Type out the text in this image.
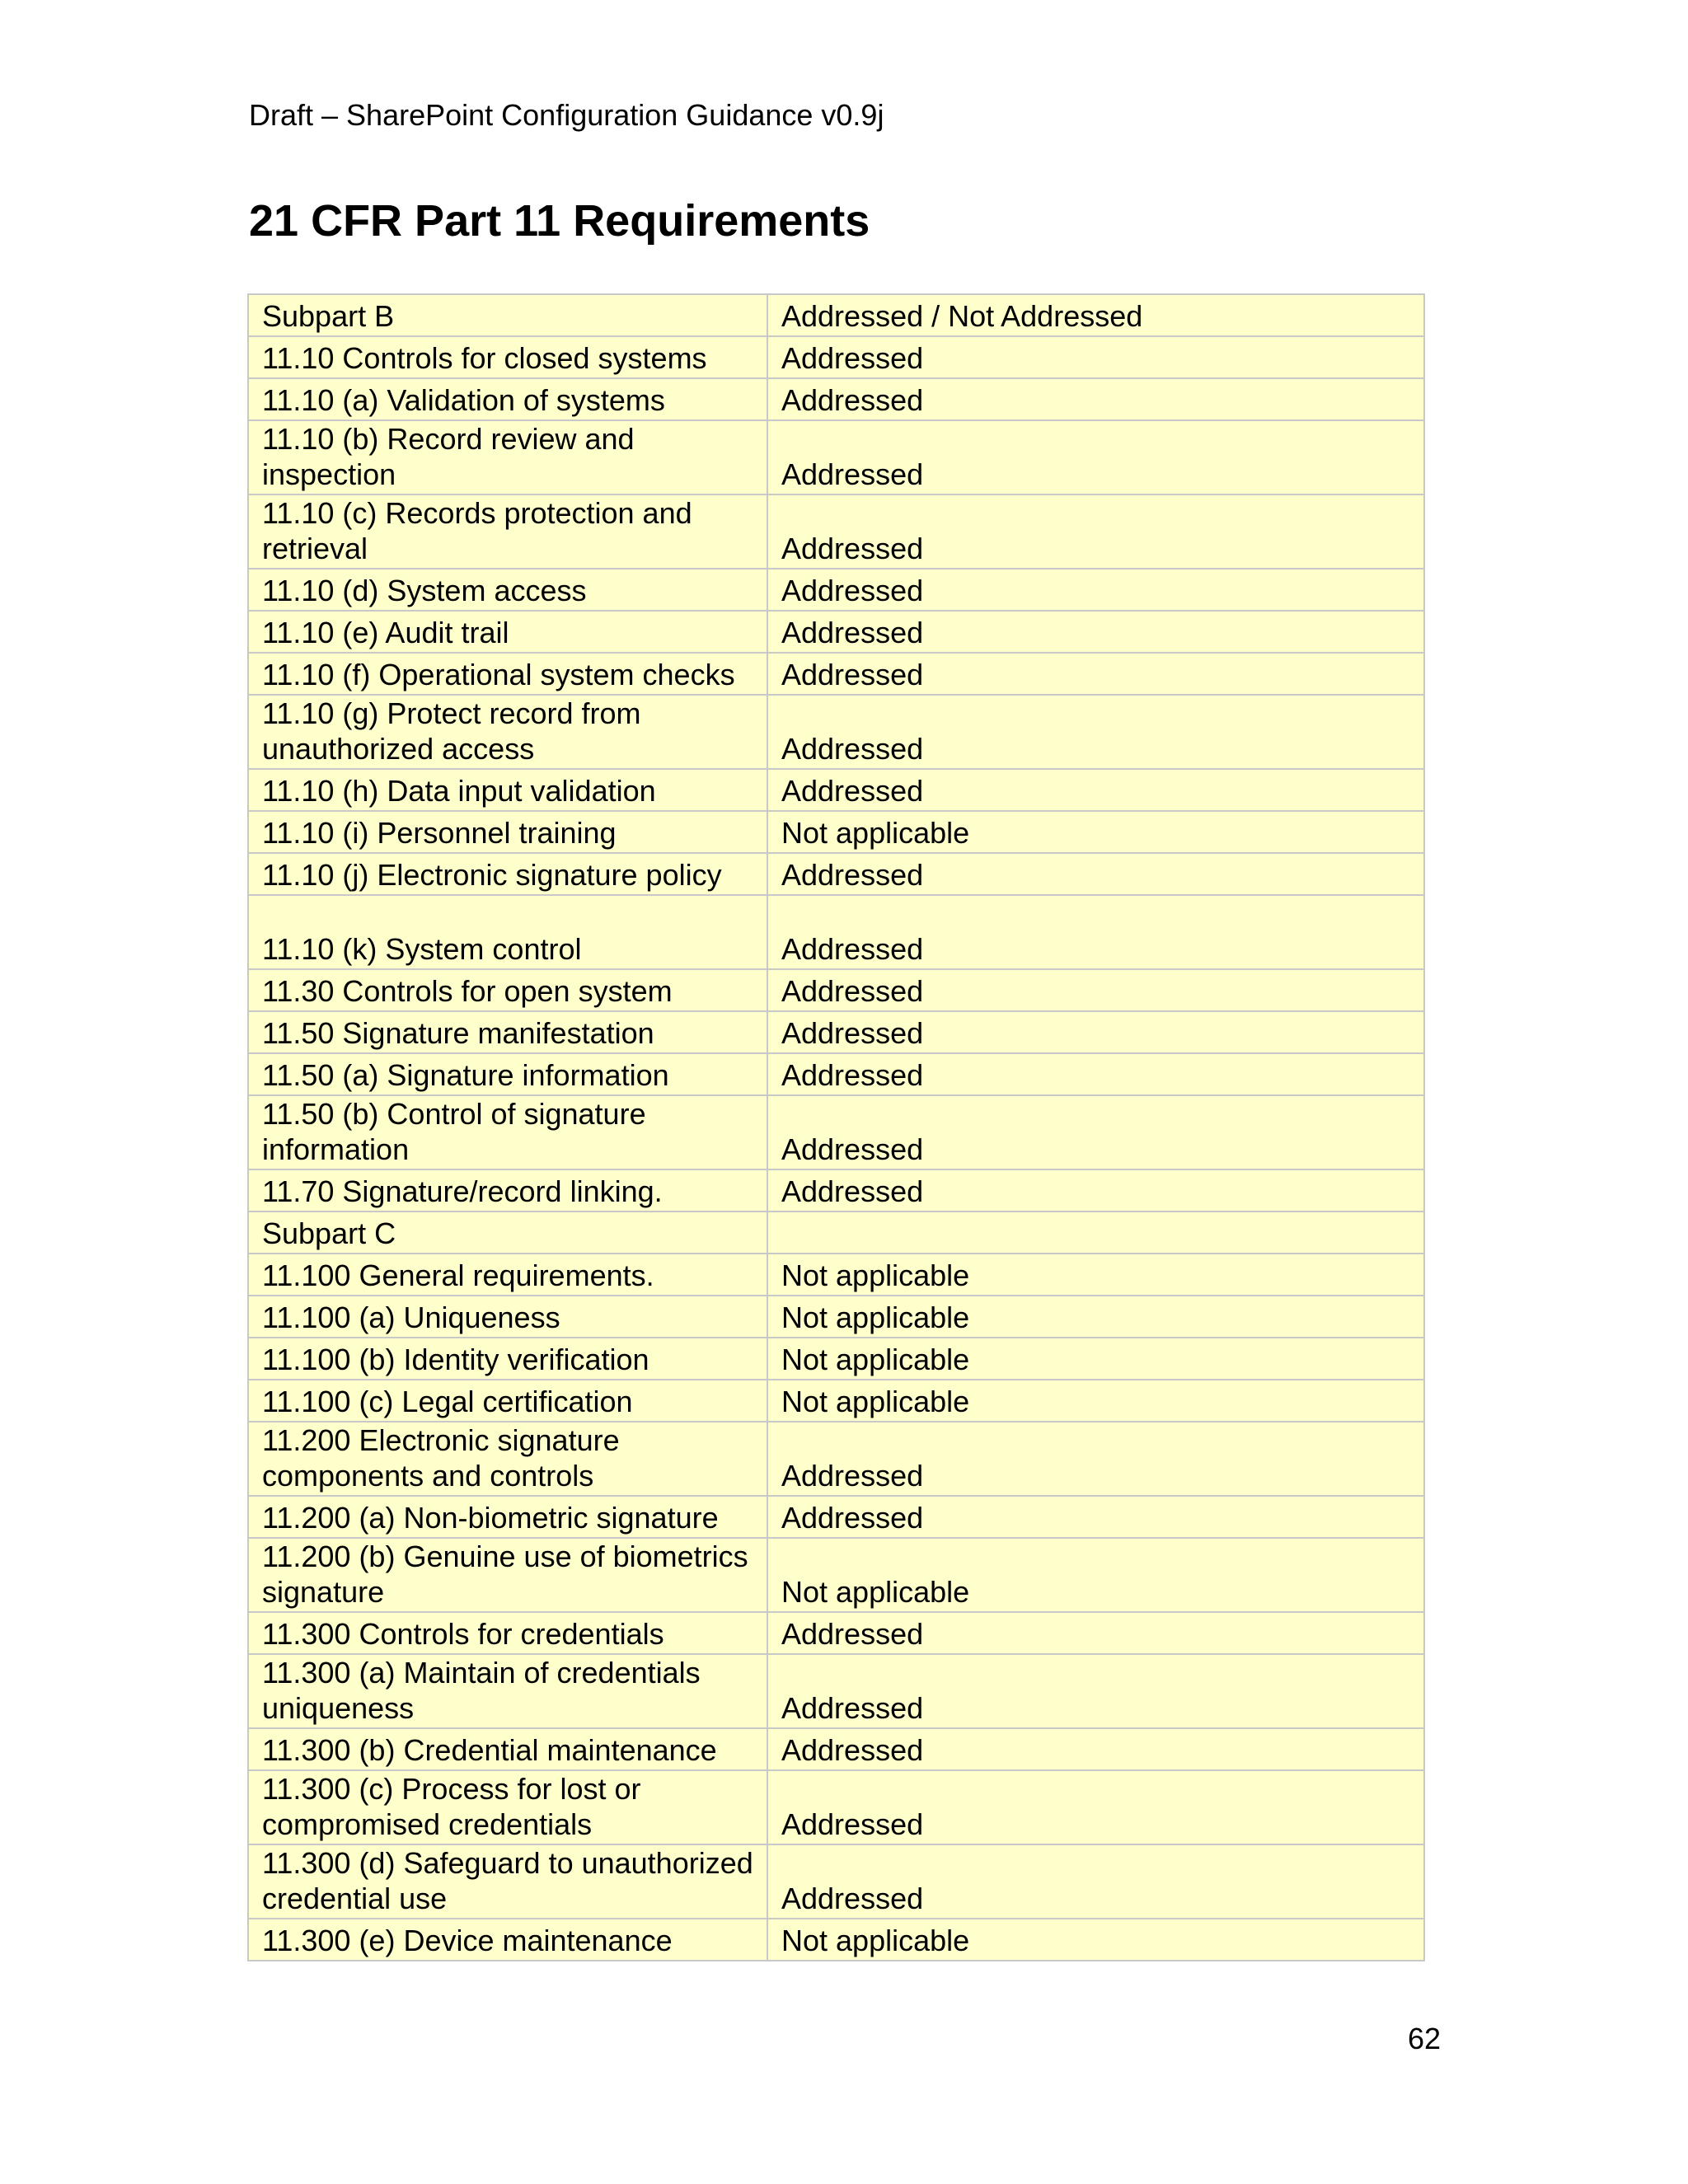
Draft – SharePoint Configuration Guidance v0.9j
21 CFR Part 11 Requirements
Subpart B	Addressed / Not Addressed
11.10 Controls for closed systems	Addressed
11.10 (a) Validation of systems	Addressed
11.10 (b) Record review and inspection	Addressed
11.10 (c) Records protection and retrieval	Addressed
11.10 (d) System access	Addressed
11.10 (e) Audit trail	Addressed
11.10 (f) Operational system checks	Addressed
11.10 (g) Protect record from unauthorized access	Addressed
11.10 (h) Data input validation	Addressed
11.10 (i) Personnel training	Not applicable
11.10 (j) Electronic signature policy	Addressed
11.10 (k) System control	Addressed
11.30 Controls for open system	Addressed
11.50 Signature manifestation	Addressed
11.50 (a) Signature information	Addressed
11.50 (b) Control of signature information	Addressed
11.70 Signature/record linking.	Addressed
Subpart C	
11.100 General requirements.	Not applicable
11.100 (a) Uniqueness	Not applicable
11.100 (b) Identity verification	Not applicable
11.100 (c) Legal certification	Not applicable
11.200 Electronic signature components and controls	Addressed
11.200 (a) Non-biometric signature	Addressed
11.200 (b) Genuine use of biometrics signature	Not applicable
11.300 Controls for credentials	Addressed
11.300 (a) Maintain of credentials uniqueness	Addressed
11.300 (b) Credential maintenance	Addressed
11.300 (c) Process for lost or compromised credentials	Addressed
11.300 (d) Safeguard to unauthorized credential use	Addressed
11.300 (e) Device maintenance	Not applicable
62
